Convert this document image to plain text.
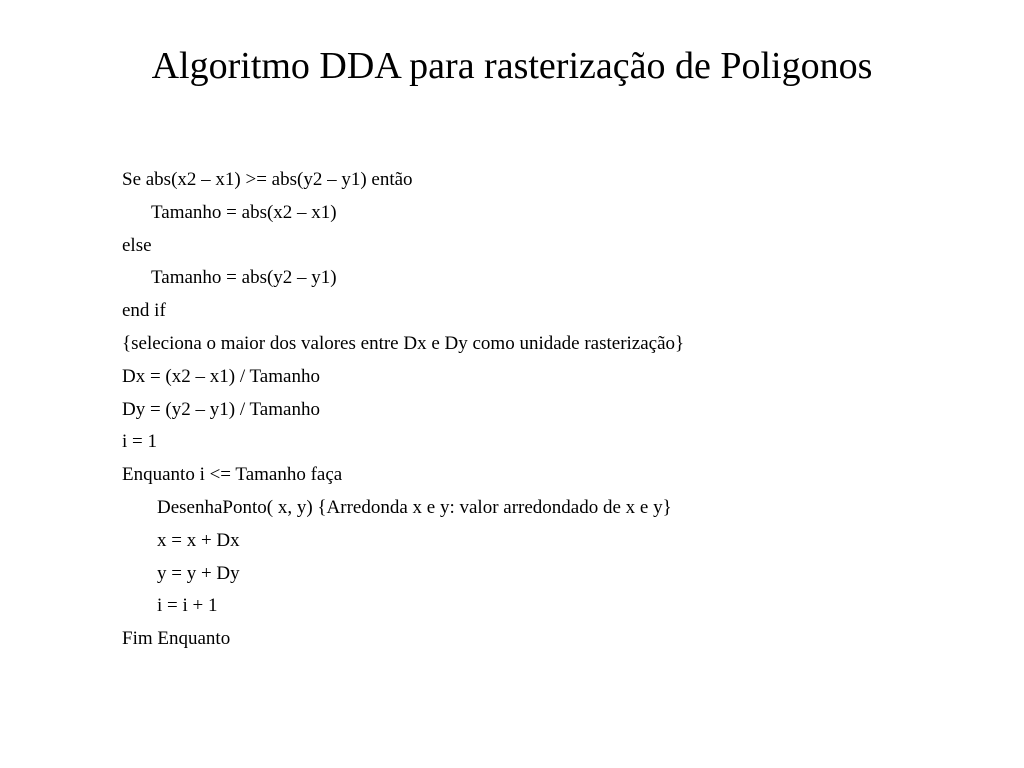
Algoritmo DDA para rasterização de Poligonos
Se abs(x2 – x1) >= abs(y2 – y1) então
Tamanho = abs(x2 – x1)
else
Tamanho = abs(y2 – y1)
end if
{seleciona o maior dos valores entre Dx e Dy como unidade rasterização}
Dx = (x2 – x1) / Tamanho
Dy = (y2 – y1) / Tamanho
i = 1
Enquanto i <= Tamanho faça
DesenhaPonto( x, y) {Arredonda x e y: valor arredondado de x e y}
x = x + Dx
y = y + Dy
i = i + 1
Fim Enquanto
